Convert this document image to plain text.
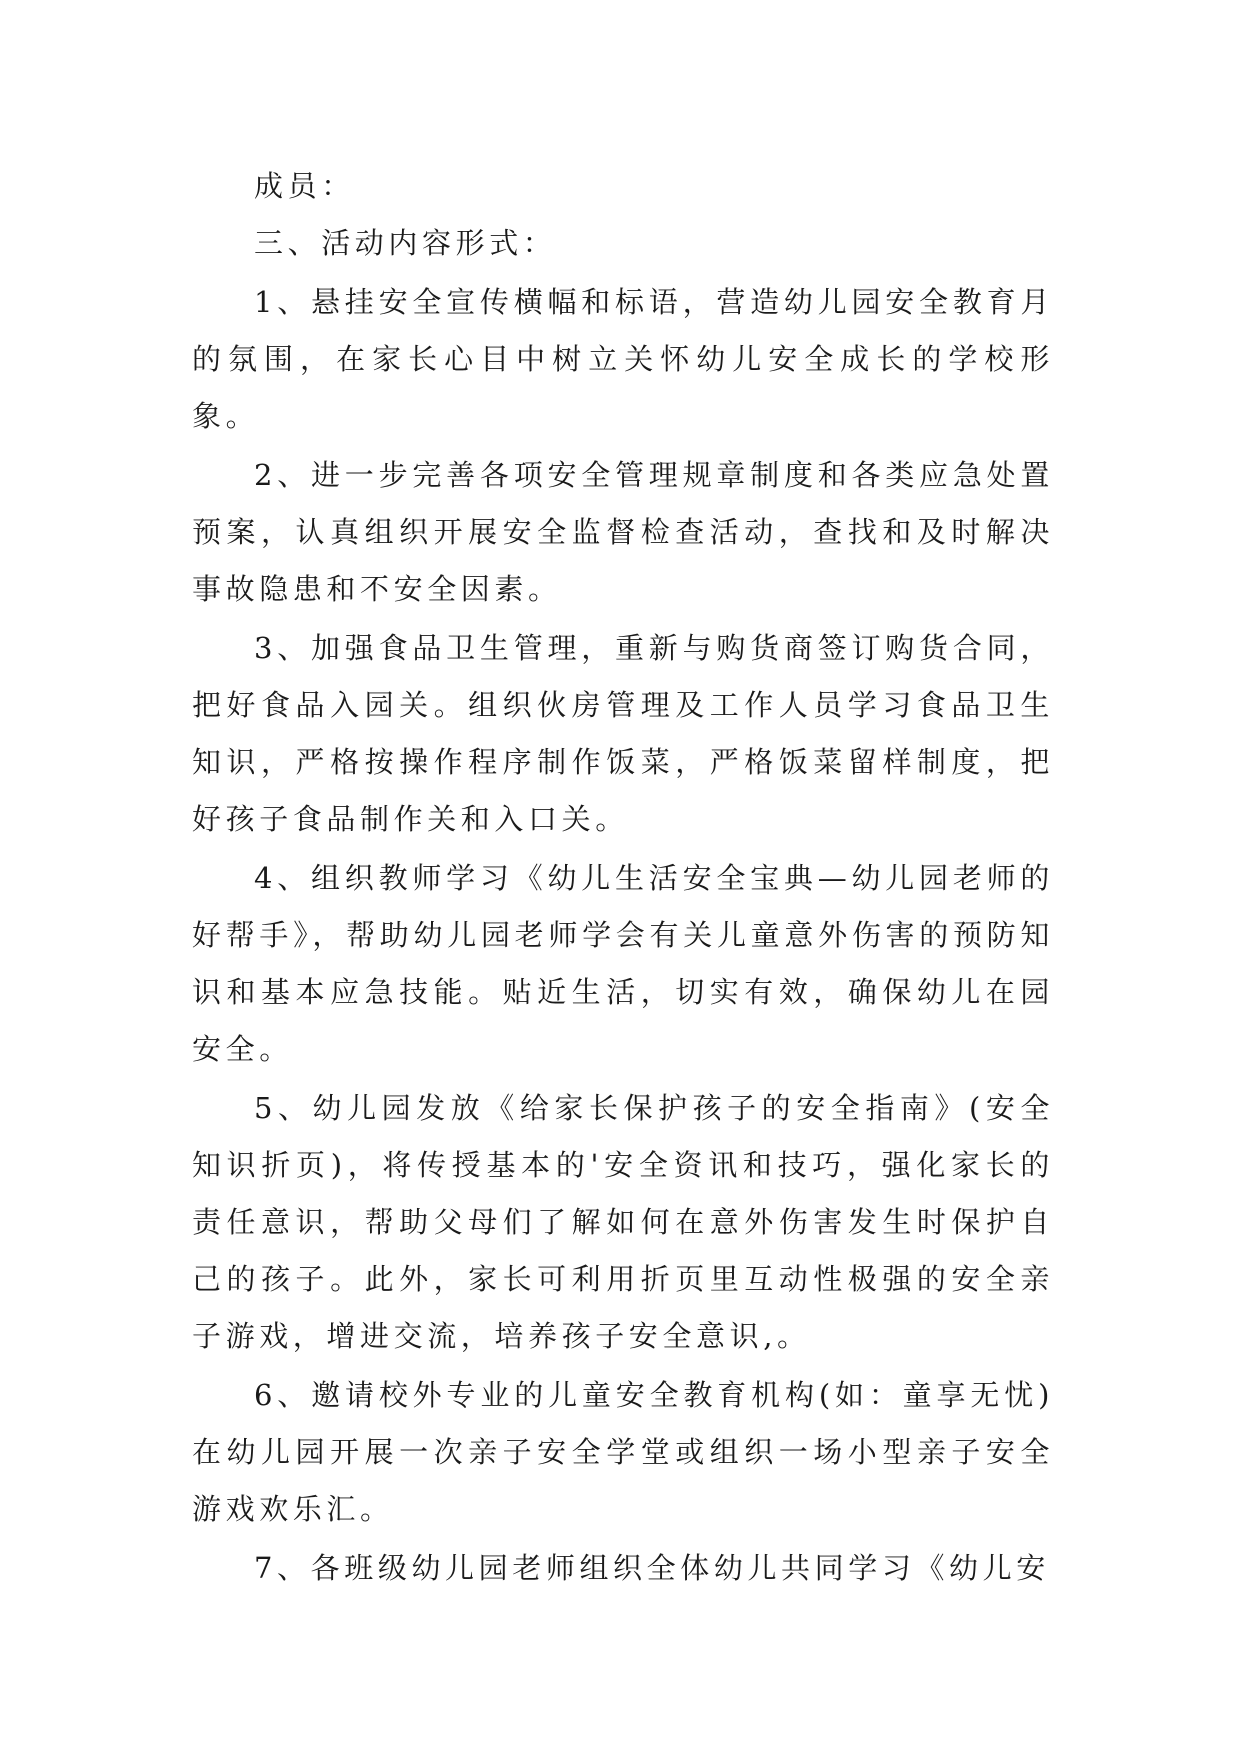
成员：

三、活动内容形式：

1、悬挂安全宣传横幅和标语，营造幼儿园安全教育月的氛围，在家长心目中树立关怀幼儿安全成长的学校形象。

2、进一步完善各项安全管理规章制度和各类应急处置预案，认真组织开展安全监督检查活动，查找和及时解决事故隐患和不安全因素。

3、加强食品卫生管理，重新与购货商签订购货合同，把好食品入园关。组织伙房管理及工作人员学习食品卫生知识，严格按操作程序制作饭菜，严格饭菜留样制度，把好孩子食品制作关和入口关。

4、组织教师学习《幼儿生活安全宝典—幼儿园老师的好帮手》，帮助幼儿园老师学会有关儿童意外伤害的预防知识和基本应急技能。贴近生活，切实有效，确保幼儿在园安全。

5、幼儿园发放《给家长保护孩子的安全指南》(安全知识折页)，将传授基本的'安全资讯和技巧，强化家长的责任意识，帮助父母们了解如何在意外伤害发生时保护自己的孩子。此外，家长可利用折页里互动性极强的安全亲子游戏，增进交流，培养孩子安全意识,。

6、邀请校外专业的儿童安全教育机构(如：童享无忧)在幼儿园开展一次亲子安全学堂或组织一场小型亲子安全游戏欢乐汇。

7、各班级幼儿园老师组织全体幼儿共同学习《幼儿安
